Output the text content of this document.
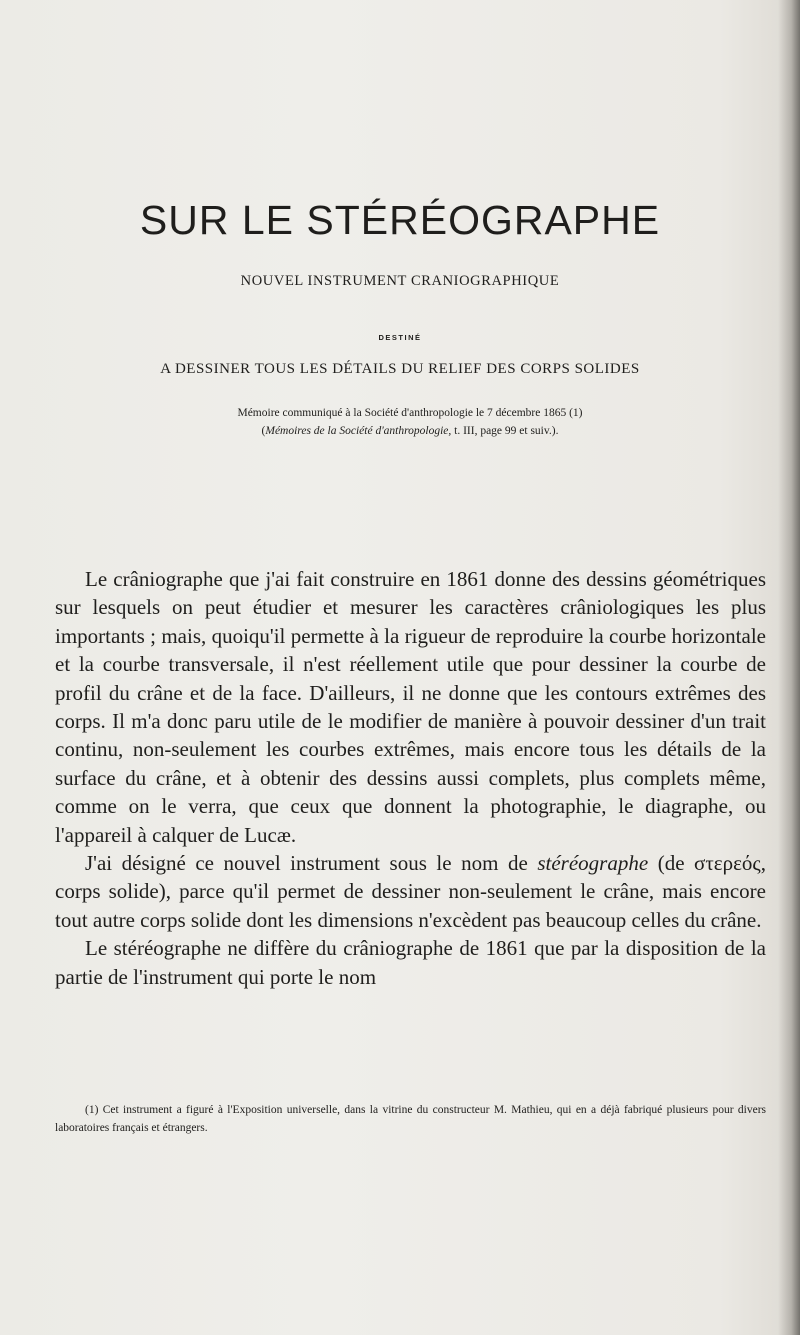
SUR LE STÉRÉOGRAPHE
NOUVEL INSTRUMENT CRANIOGRAPHIQUE
DESTINÉ
A DESSINER TOUS LES DÉTAILS DU RELIEF DES CORPS SOLIDES
Mémoire communiqué à la Société d'anthropologie le 7 décembre 1865 (1)
(Mémoires de la Société d'anthropologie, t. III, page 99 et suiv.).

Le crâniographe que j'ai fait construire en 1861 donne des dessins géométriques sur lesquels on peut étudier et mesurer les caractères crâniologiques les plus importants ; mais, quoiqu'il permette à la rigueur de reproduire la courbe horizontale et la courbe transversale, il n'est réellement utile que pour dessiner la courbe de profil du crâne et de la face. D'ailleurs, il ne donne que les contours extrêmes des corps. Il m'a donc paru utile de le modifier de manière à pouvoir dessiner d'un trait continu, non-seulement les courbes extrêmes, mais encore tous les détails de la surface du crâne, et à obtenir des dessins aussi complets, plus complets même, comme on le verra, que ceux que donnent la photographie, le diagraphe, ou l'appareil à calquer de Lucæ.

J'ai désigné ce nouvel instrument sous le nom de stéréographe (de στερεός, corps solide), parce qu'il permet de dessiner non-seulement le crâne, mais encore tout autre corps solide dont les dimensions n'excèdent pas beaucoup celles du crâne.

Le stéréographe ne diffère du crâniographe de 1861 que par la disposition de la partie de l'instrument qui porte le nom

(1) Cet instrument a figuré à l'Exposition universelle, dans la vitrine du constructeur M. Mathieu, qui en a déjà fabriqué plusieurs pour divers laboratoires français et étrangers.
